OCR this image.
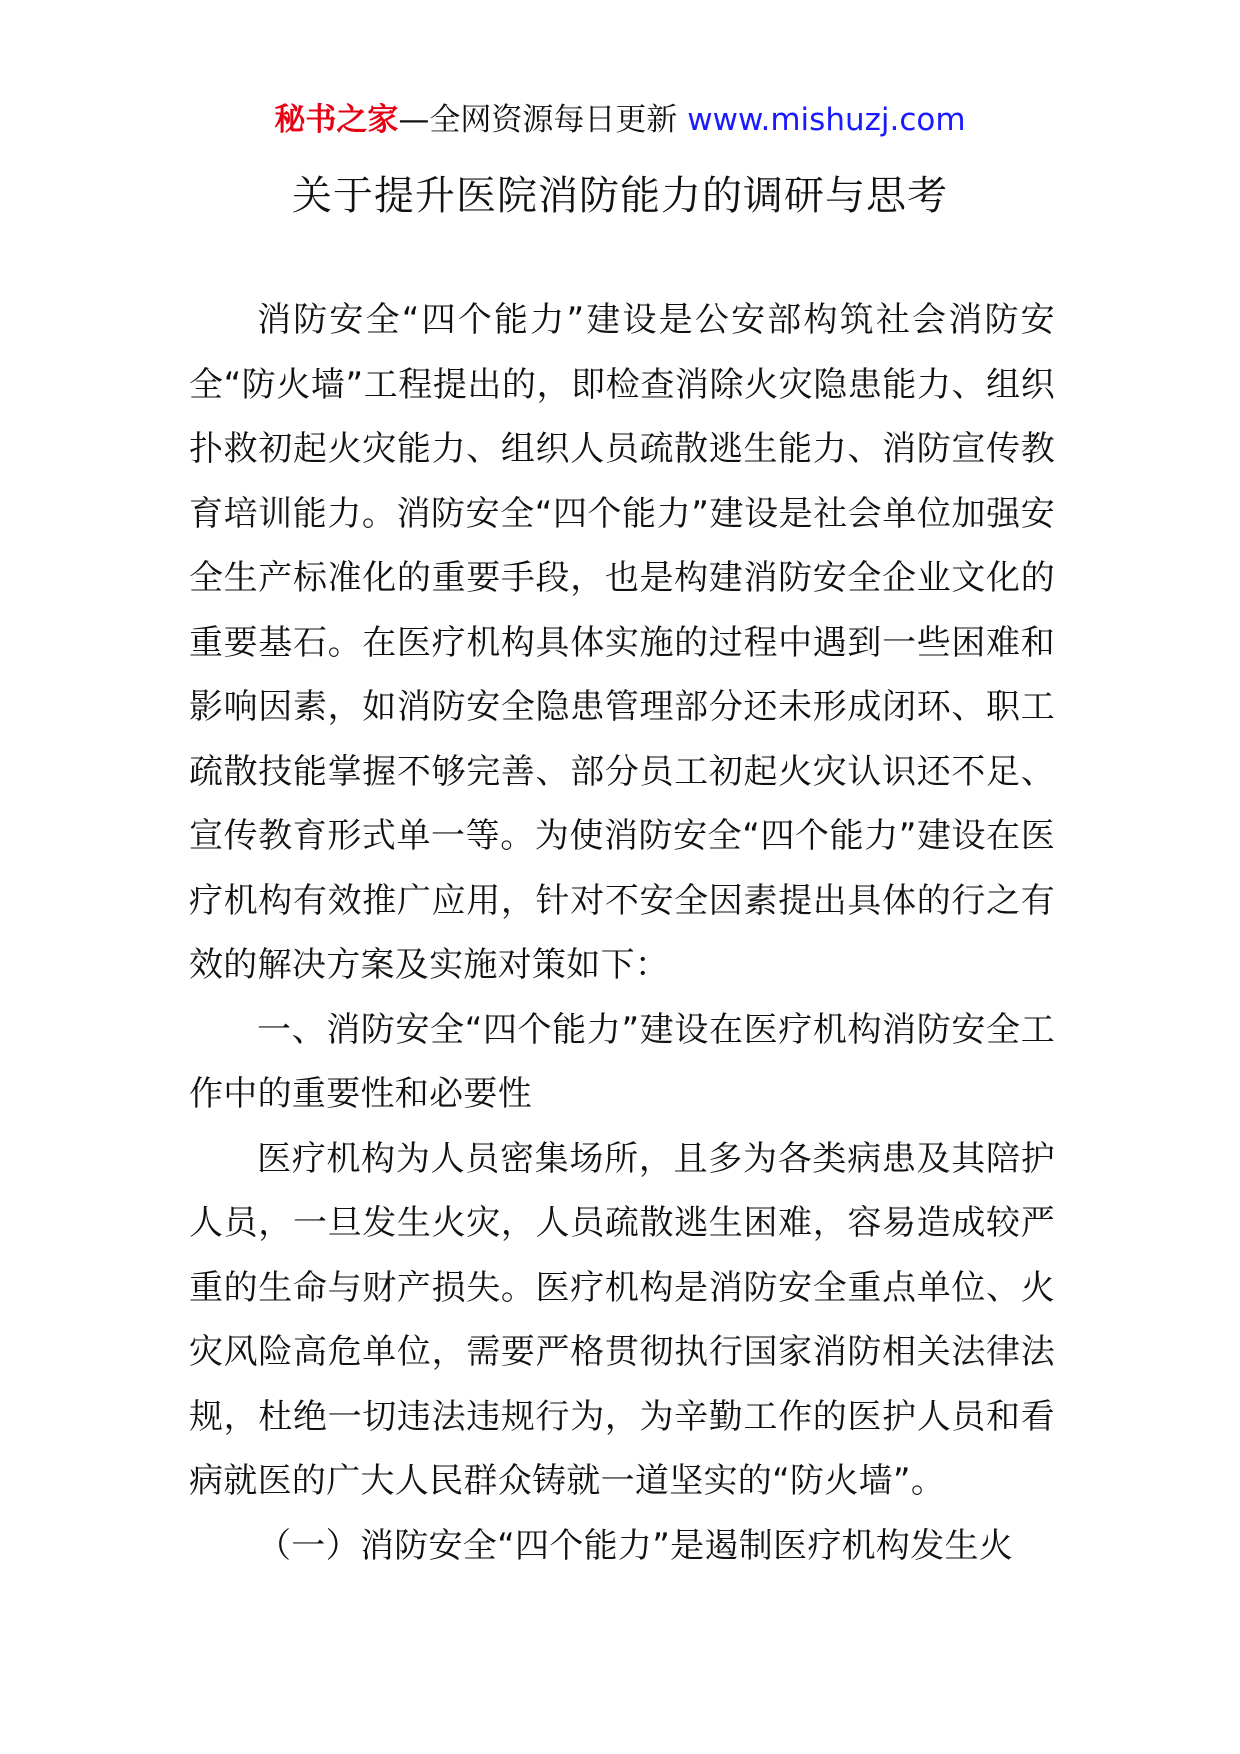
秘书之家—全网资源每日更新 www.mishuzj.com
关于提升医院消防能力的调研与思考

消防安全“四个能力”建设是公安部构筑社会消防安全“防火墙”工程提出的，即检查消除火灾隐患能力、组织扑救初起火灾能力、组织人员疏散逃生能力、消防宣传教育培训能力。消防安全“四个能力”建设是社会单位加强安全生产标准化的重要手段，也是构建消防安全企业文化的重要基石。在医疗机构具体实施的过程中遇到一些困难和影响因素，如消防安全隐患管理部分还未形成闭环、职工疏散技能掌握不够完善、部分员工初起火灾认识还不足、宣传教育形式单一等。为使消防安全“四个能力”建设在医疗机构有效推广应用，针对不安全因素提出具体的行之有效的解决方案及实施对策如下：

一、消防安全“四个能力”建设在医疗机构消防安全工作中的重要性和必要性

医疗机构为人员密集场所，且多为各类病患及其陪护人员，一旦发生火灾，人员疏散逃生困难，容易造成较严重的生命与财产损失。医疗机构是消防安全重点单位、火灾风险高危单位，需要严格贯彻执行国家消防相关法律法规，杜绝一切违法违规行为，为辛勤工作的医护人员和看病就医的广大人民群众铸就一道坚实的“防火墙”。

（一）消防安全“四个能力”是遏制医疗机构发生火
